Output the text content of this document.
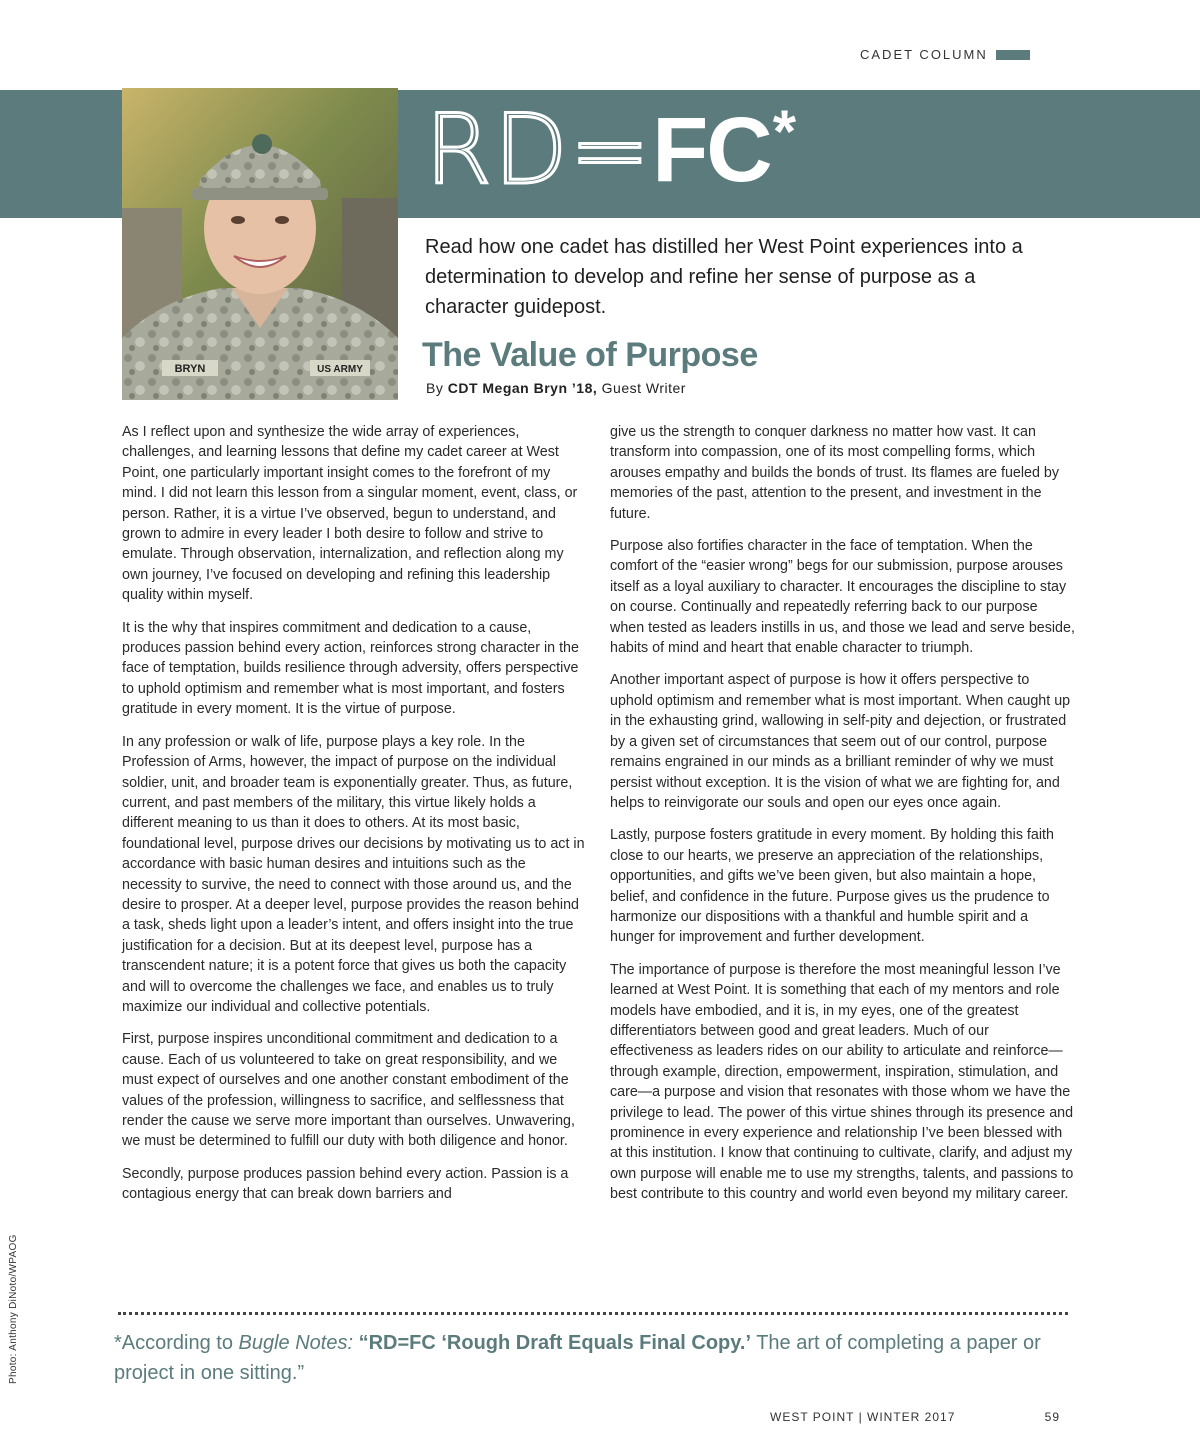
CADET COLUMN
BRYN	US ARMY
RD= FC *
Read how one cadet has distilled her West Point experiences into a determination to develop and refine her sense of purpose as a character guidepost.
The Value of Purpose
By CDT Megan Bryn ’18, Guest Writer

As I reflect upon and synthesize the wide array of experiences, challenges, and learning lessons that define my cadet career at West Point, one particularly important insight comes to the forefront of my mind. I did not learn this lesson from a singular moment, event, class, or person. Rather, it is a virtue I’ve observed, begun to understand, and grown to admire in every leader I both desire to follow and strive to emulate. Through observation, internalization, and reflection along my own journey, I’ve focused on developing and refining this leadership quality within myself.

It is the why that inspires commitment and dedication to a cause, produces passion behind every action, reinforces strong character in the face of temptation, builds resilience through adversity, offers perspective to uphold optimism and remember what is most important, and fosters gratitude in every moment. It is the virtue of purpose.

In any profession or walk of life, purpose plays a key role. In the Profession of Arms, however, the impact of purpose on the individual soldier, unit, and broader team is exponentially greater. Thus, as future, current, and past members of the military, this virtue likely holds a different meaning to us than it does to others. At its most basic, foundational level, purpose drives our decisions by motivating us to act in accordance with basic human desires and intuitions such as the necessity to survive, the need to connect with those around us, and the desire to prosper. At a deeper level, purpose provides the reason behind a task, sheds light upon a leader’s intent, and offers insight into the true justification for a decision. But at its deepest level, purpose has a transcendent nature; it is a potent force that gives us both the capacity and will to overcome the challenges we face, and enables us to truly maximize our individual and collective potentials.

First, purpose inspires unconditional commitment and dedication to a cause. Each of us volunteered to take on great responsibility, and we must expect of ourselves and one another constant embodiment of the values of the profession, willingness to sacrifice, and selflessness that render the cause we serve more important than ourselves. Unwavering, we must be determined to fulfill our duty with both diligence and honor.

Secondly, purpose produces passion behind every action. Passion is a contagious energy that can break down barriers and

give us the strength to conquer darkness no matter how vast. It can transform into compassion, one of its most compelling forms, which arouses empathy and builds the bonds of trust. Its flames are fueled by memories of the past, attention to the present, and investment in the future.

Purpose also fortifies character in the face of temptation. When the comfort of the “easier wrong” begs for our submission, purpose arouses itself as a loyal auxiliary to character. It encourages the discipline to stay on course. Continually and repeatedly referring back to our purpose when tested as leaders instills in us, and those we lead and serve beside, habits of mind and heart that enable character to triumph.

Another important aspect of purpose is how it offers perspective to uphold optimism and remember what is most important. When caught up in the exhausting grind, wallowing in self-pity and dejection, or frustrated by a given set of circumstances that seem out of our control, purpose remains engrained in our minds as a brilliant reminder of why we must persist without exception. It is the vision of what we are fighting for, and helps to reinvigorate our souls and open our eyes once again.

Lastly, purpose fosters gratitude in every moment. By holding this faith close to our hearts, we preserve an appreciation of the relationships, opportunities, and gifts we’ve been given, but also maintain a hope, belief, and confidence in the future. Purpose gives us the prudence to harmonize our dispositions with a thankful and humble spirit and a hunger for improvement and further development.

The importance of purpose is therefore the most meaningful lesson I’ve learned at West Point. It is something that each of my mentors and role models have embodied, and it is, in my eyes, one of the greatest differentiators between good and great leaders. Much of our effectiveness as leaders rides on our ability to articulate and reinforce—through example, direction, empowerment, inspiration, stimulation, and care—a purpose and vision that resonates with those whom we have the privilege to lead. The power of this virtue shines through its presence and prominence in every experience and relationship I’ve been blessed with at this institution. I know that continuing to cultivate, clarify, and adjust my own purpose will enable me to use my strengths, talents, and passions to best contribute to this country and world even beyond my military career.

*According to Bugle Notes: “RD=FC ‘Rough Draft Equals Final Copy.’ The art of completing a paper or project in one sitting.”
Photo: Anthony DiNoto/WPAOG
WEST POINT | WINTER 2017	59
